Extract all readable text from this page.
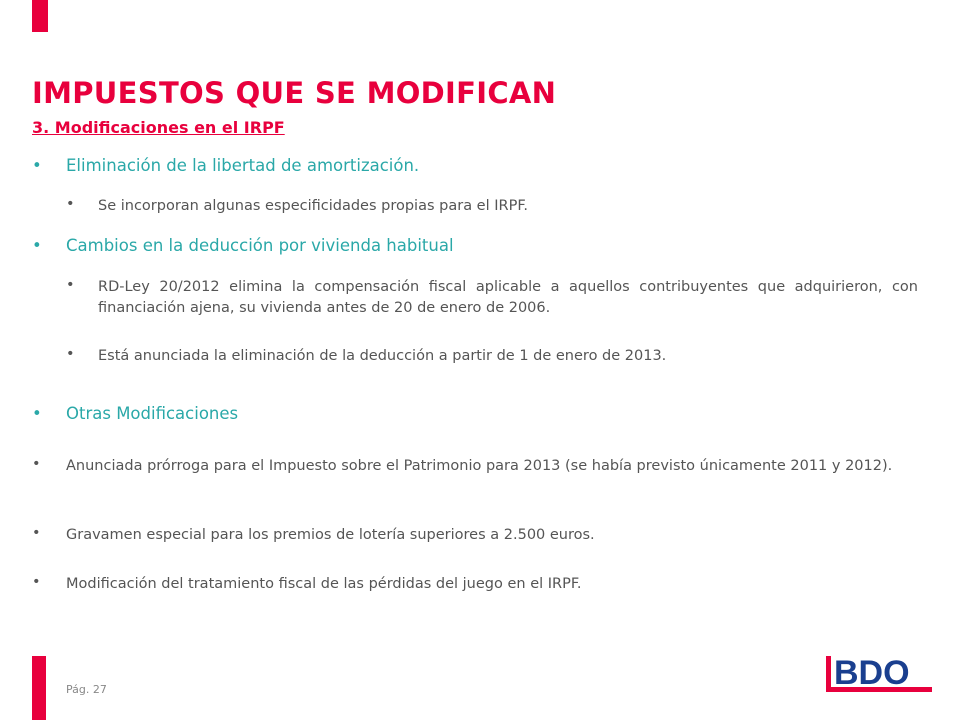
IMPUESTOS QUE SE MODIFICAN
3. Modificaciones en el IRPF
• Eliminación de la libertad de amortización.
• Se incorporan algunas especificidades propias para el IRPF.
• Cambios en la deducción por vivienda habitual
• RD-Ley 20/2012 elimina la compensación fiscal aplicable a aquellos contribuyentes que adquirieron, con financiación ajena, su vivienda antes de 20 de enero de 2006.
• Está anunciada la eliminación de la deducción a partir de 1 de enero de 2013.
• Otras Modificaciones
• Anunciada prórroga para el Impuesto sobre el Patrimonio para 2013 (se había previsto únicamente 2011 y 2012).
• Gravamen especial para los premios de lotería superiores a 2.500 euros.
• Modificación del tratamiento fiscal de las pérdidas del juego en el IRPF.
Pág. 27	BDO
